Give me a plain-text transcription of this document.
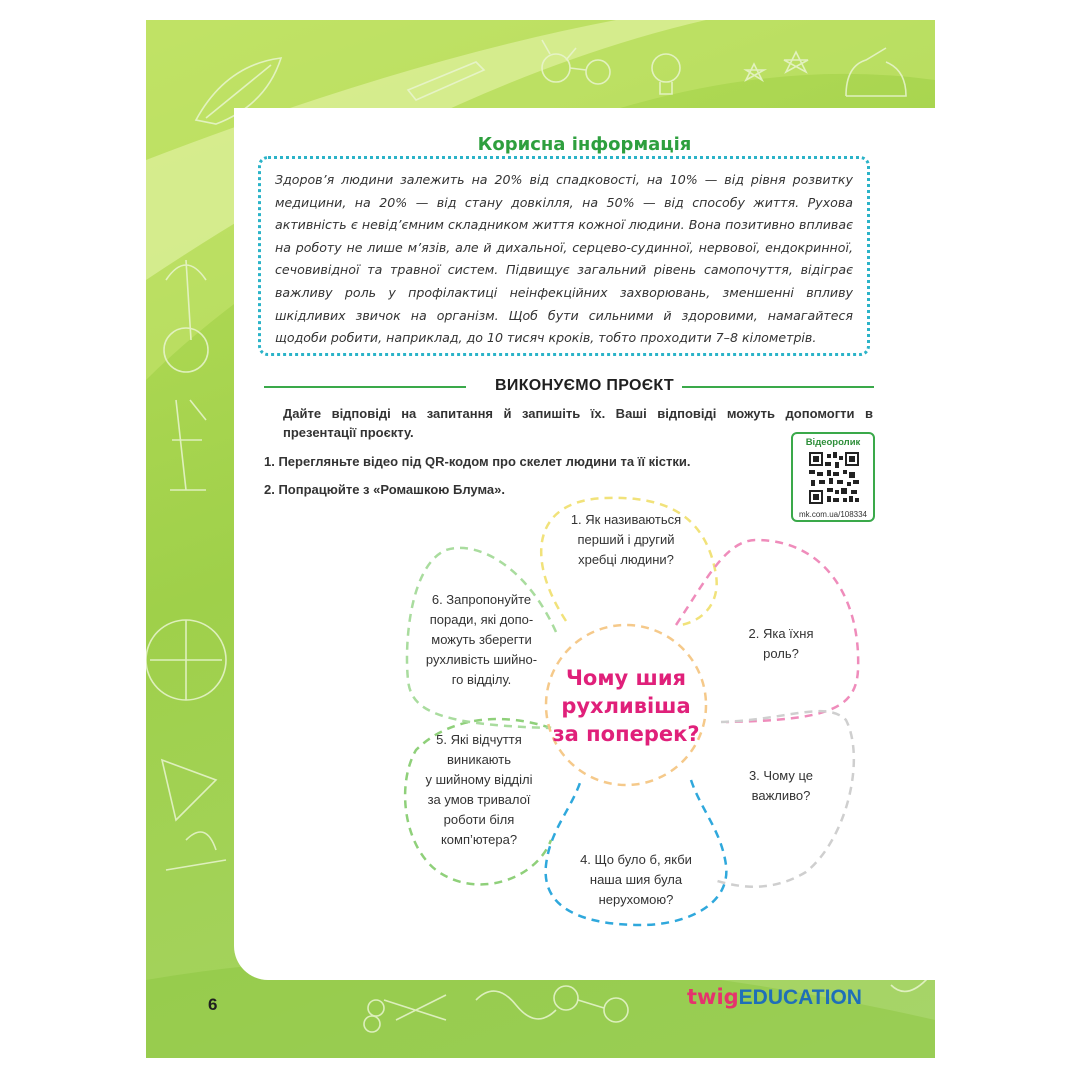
Корисна інформація

Здоров’я людини залежить на 20% від спадковості, на 10% — від рівня розвитку медицини, на 20% — від стану довкілля, на 50% — від способу життя. Рухова активність є невід’ємним складником життя кожної людини. Вона позитивно впливає на роботу не лише м’язів, але й дихальної, серцево-судинної, нервової, ендокринної, сечовивідної та травної систем. Підвищує загальний рівень самопочуття, відіграє важливу роль у профілактиці неінфекційних захворювань, зменшенні впливу шкідливих звичок на організм. Щоб бути сильними й здоровими, намагайтеся щодоби робити, наприклад, до 10 тисяч кроків, тобто проходити 7–8 кілометрів.

ВИКОНУЄМО ПРОЄКТ
Дайте відповіді на запитання й запишіть їх. Ваші відповіді можуть допомогти в презентації проєкту.
1. Перегляньте відео під QR-кодом про скелет людини та її кістки.
2. Попрацюйте з «Ромашкою Блума».
Відеоролик
mk.com.ua/108334
1. Як називаються
перший і другий
хребці людини?
2. Яка їхня
роль?
3. Чому це
важливо?
4. Що було б, якби
наша шия була
нерухомою?
5. Які відчуття
виникають
у шийному відділі
за умов тривалої
роботи біля
комп’ютера?
6. Запропонуйте
поради, які допо-
можуть зберегти
рухливість шийно-
го відділу.	Чому шия
рухливіша
за поперек?
6	twigEDUCATION
